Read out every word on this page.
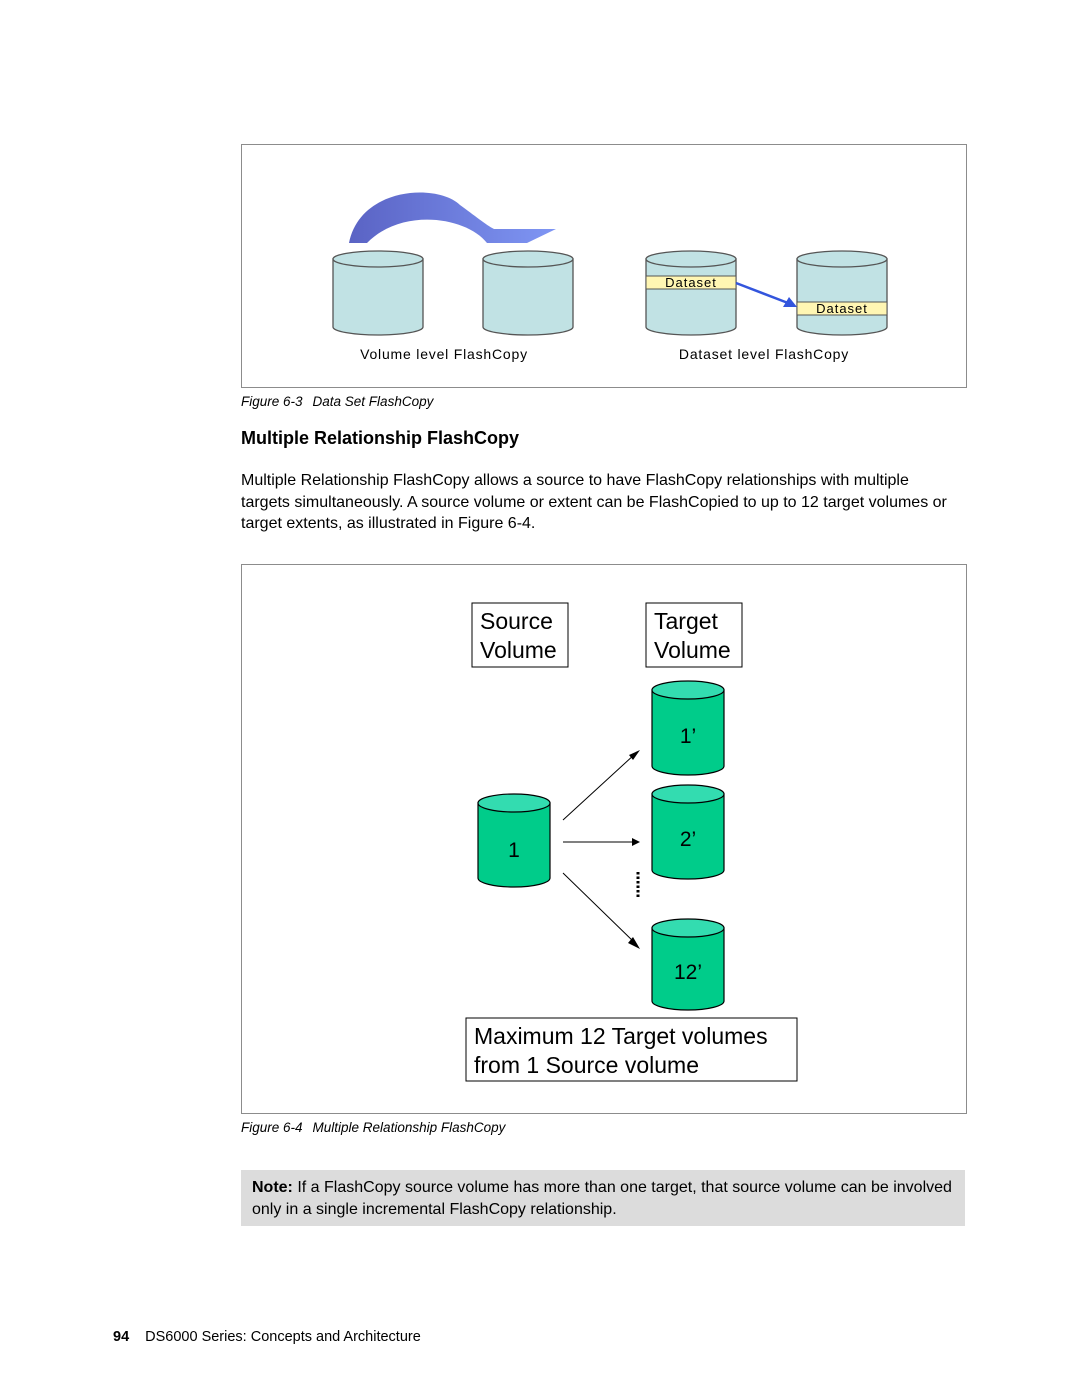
Dataset
Dataset
Volume level FlashCopy	Dataset level FlashCopy
Figure 6-3 Data Set FlashCopy
Multiple Relationship FlashCopy

Multiple Relationship FlashCopy allows a source to have FlashCopy relationships with multiple targets simultaneously. A source volume or extent can be FlashCopied to up to 12 target volumes or target extents, as illustrated in Figure 6-4.

Source
Volume
Target
Volume
1’
2’
12’
1
Maximum 12 Target volumes
from 1 Source volume
Figure 6-4 Multiple Relationship FlashCopy
Note: If a FlashCopy source volume has more than one target, that source volume can be involved only in a single incremental FlashCopy relationship.
94 DS6000 Series: Concepts and Architecture
